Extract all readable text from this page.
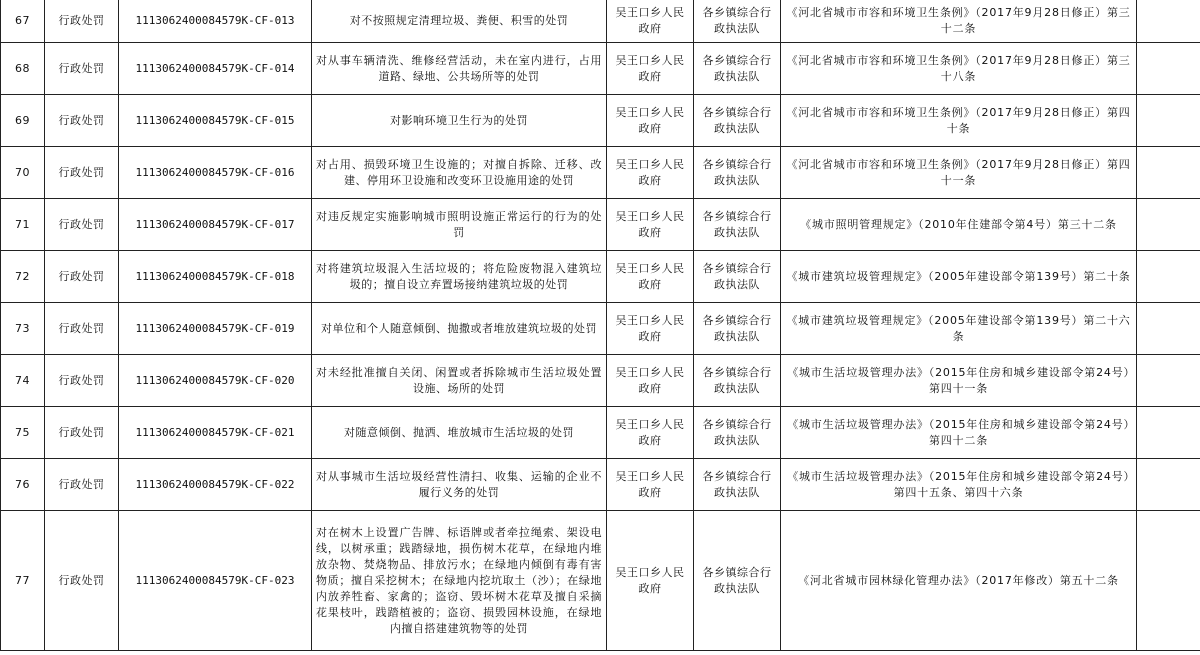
67	行政处罚	1113062400084579K-CF-013	对不按照规定清理垃圾、粪便、积雪的处罚	吴王口乡人民政府	各乡镇综合行政执法队	《河北省城市市容和环境卫生条例》（2017年9月28日修正）第三十二条	
68	行政处罚	1113062400084579K-CF-014	对从事车辆清洗、维修经营活动，未在室内进行，占用道路、绿地、公共场所等的处罚	吴王口乡人民政府	各乡镇综合行政执法队	《河北省城市市容和环境卫生条例》（2017年9月28日修正）第三十八条	
69	行政处罚	1113062400084579K-CF-015	对影响环境卫生行为的处罚	吴王口乡人民政府	各乡镇综合行政执法队	《河北省城市市容和环境卫生条例》（2017年9月28日修正）第四十条	
70	行政处罚	1113062400084579K-CF-016	对占用、损毁环境卫生设施的；对擅自拆除、迁移、改建、停用环卫设施和改变环卫设施用途的处罚	吴王口乡人民政府	各乡镇综合行政执法队	《河北省城市市容和环境卫生条例》（2017年9月28日修正）第四十一条	
71	行政处罚	1113062400084579K-CF-017	对违反规定实施影响城市照明设施正常运行的行为的处罚	吴王口乡人民政府	各乡镇综合行政执法队	《城市照明管理规定》（2010年住建部令第4号）第三十二条	
72	行政处罚	1113062400084579K-CF-018	对将建筑垃圾混入生活垃圾的；将危险废物混入建筑垃圾的；擅自设立弃置场接纳建筑垃圾的处罚	吴王口乡人民政府	各乡镇综合行政执法队	《城市建筑垃圾管理规定》（2005年建设部令第139号）第二十条	
73	行政处罚	1113062400084579K-CF-019	对单位和个人随意倾倒、抛撒或者堆放建筑垃圾的处罚	吴王口乡人民政府	各乡镇综合行政执法队	《城市建筑垃圾管理规定》（2005年建设部令第139号）第二十六条	
74	行政处罚	1113062400084579K-CF-020	对未经批准擅自关闭、闲置或者拆除城市生活垃圾处置设施、场所的处罚	吴王口乡人民政府	各乡镇综合行政执法队	《城市生活垃圾管理办法》（2015年住房和城乡建设部令第24号）第四十一条	
75	行政处罚	1113062400084579K-CF-021	对随意倾倒、抛洒、堆放城市生活垃圾的处罚	吴王口乡人民政府	各乡镇综合行政执法队	《城市生活垃圾管理办法》（2015年住房和城乡建设部令第24号）第四十二条	
76	行政处罚	1113062400084579K-CF-022	对从事城市生活垃圾经营性清扫、收集、运输的企业不履行义务的处罚	吴王口乡人民政府	各乡镇综合行政执法队	《城市生活垃圾管理办法》（2015年住房和城乡建设部令第24号）第四十五条、第四十六条	
77	行政处罚	1113062400084579K-CF-023	对在树木上设置广告牌、标语牌或者牵拉绳索、架设电线，以树承重；践踏绿地，损伤树木花草，在绿地内堆放杂物、焚烧物品、排放污水；在绿地内倾倒有毒有害物质；擅自采挖树木；在绿地内挖坑取土（沙）；在绿地内放养牲畜、家禽的；盗窃、毁坏树木花草及擅自采摘花果枝叶，践踏植被的；盗窃、损毁园林设施，在绿地内擅自搭建建筑物等的处罚	吴王口乡人民政府	各乡镇综合行政执法队	《河北省城市园林绿化管理办法》（2017年修改）第五十二条	
